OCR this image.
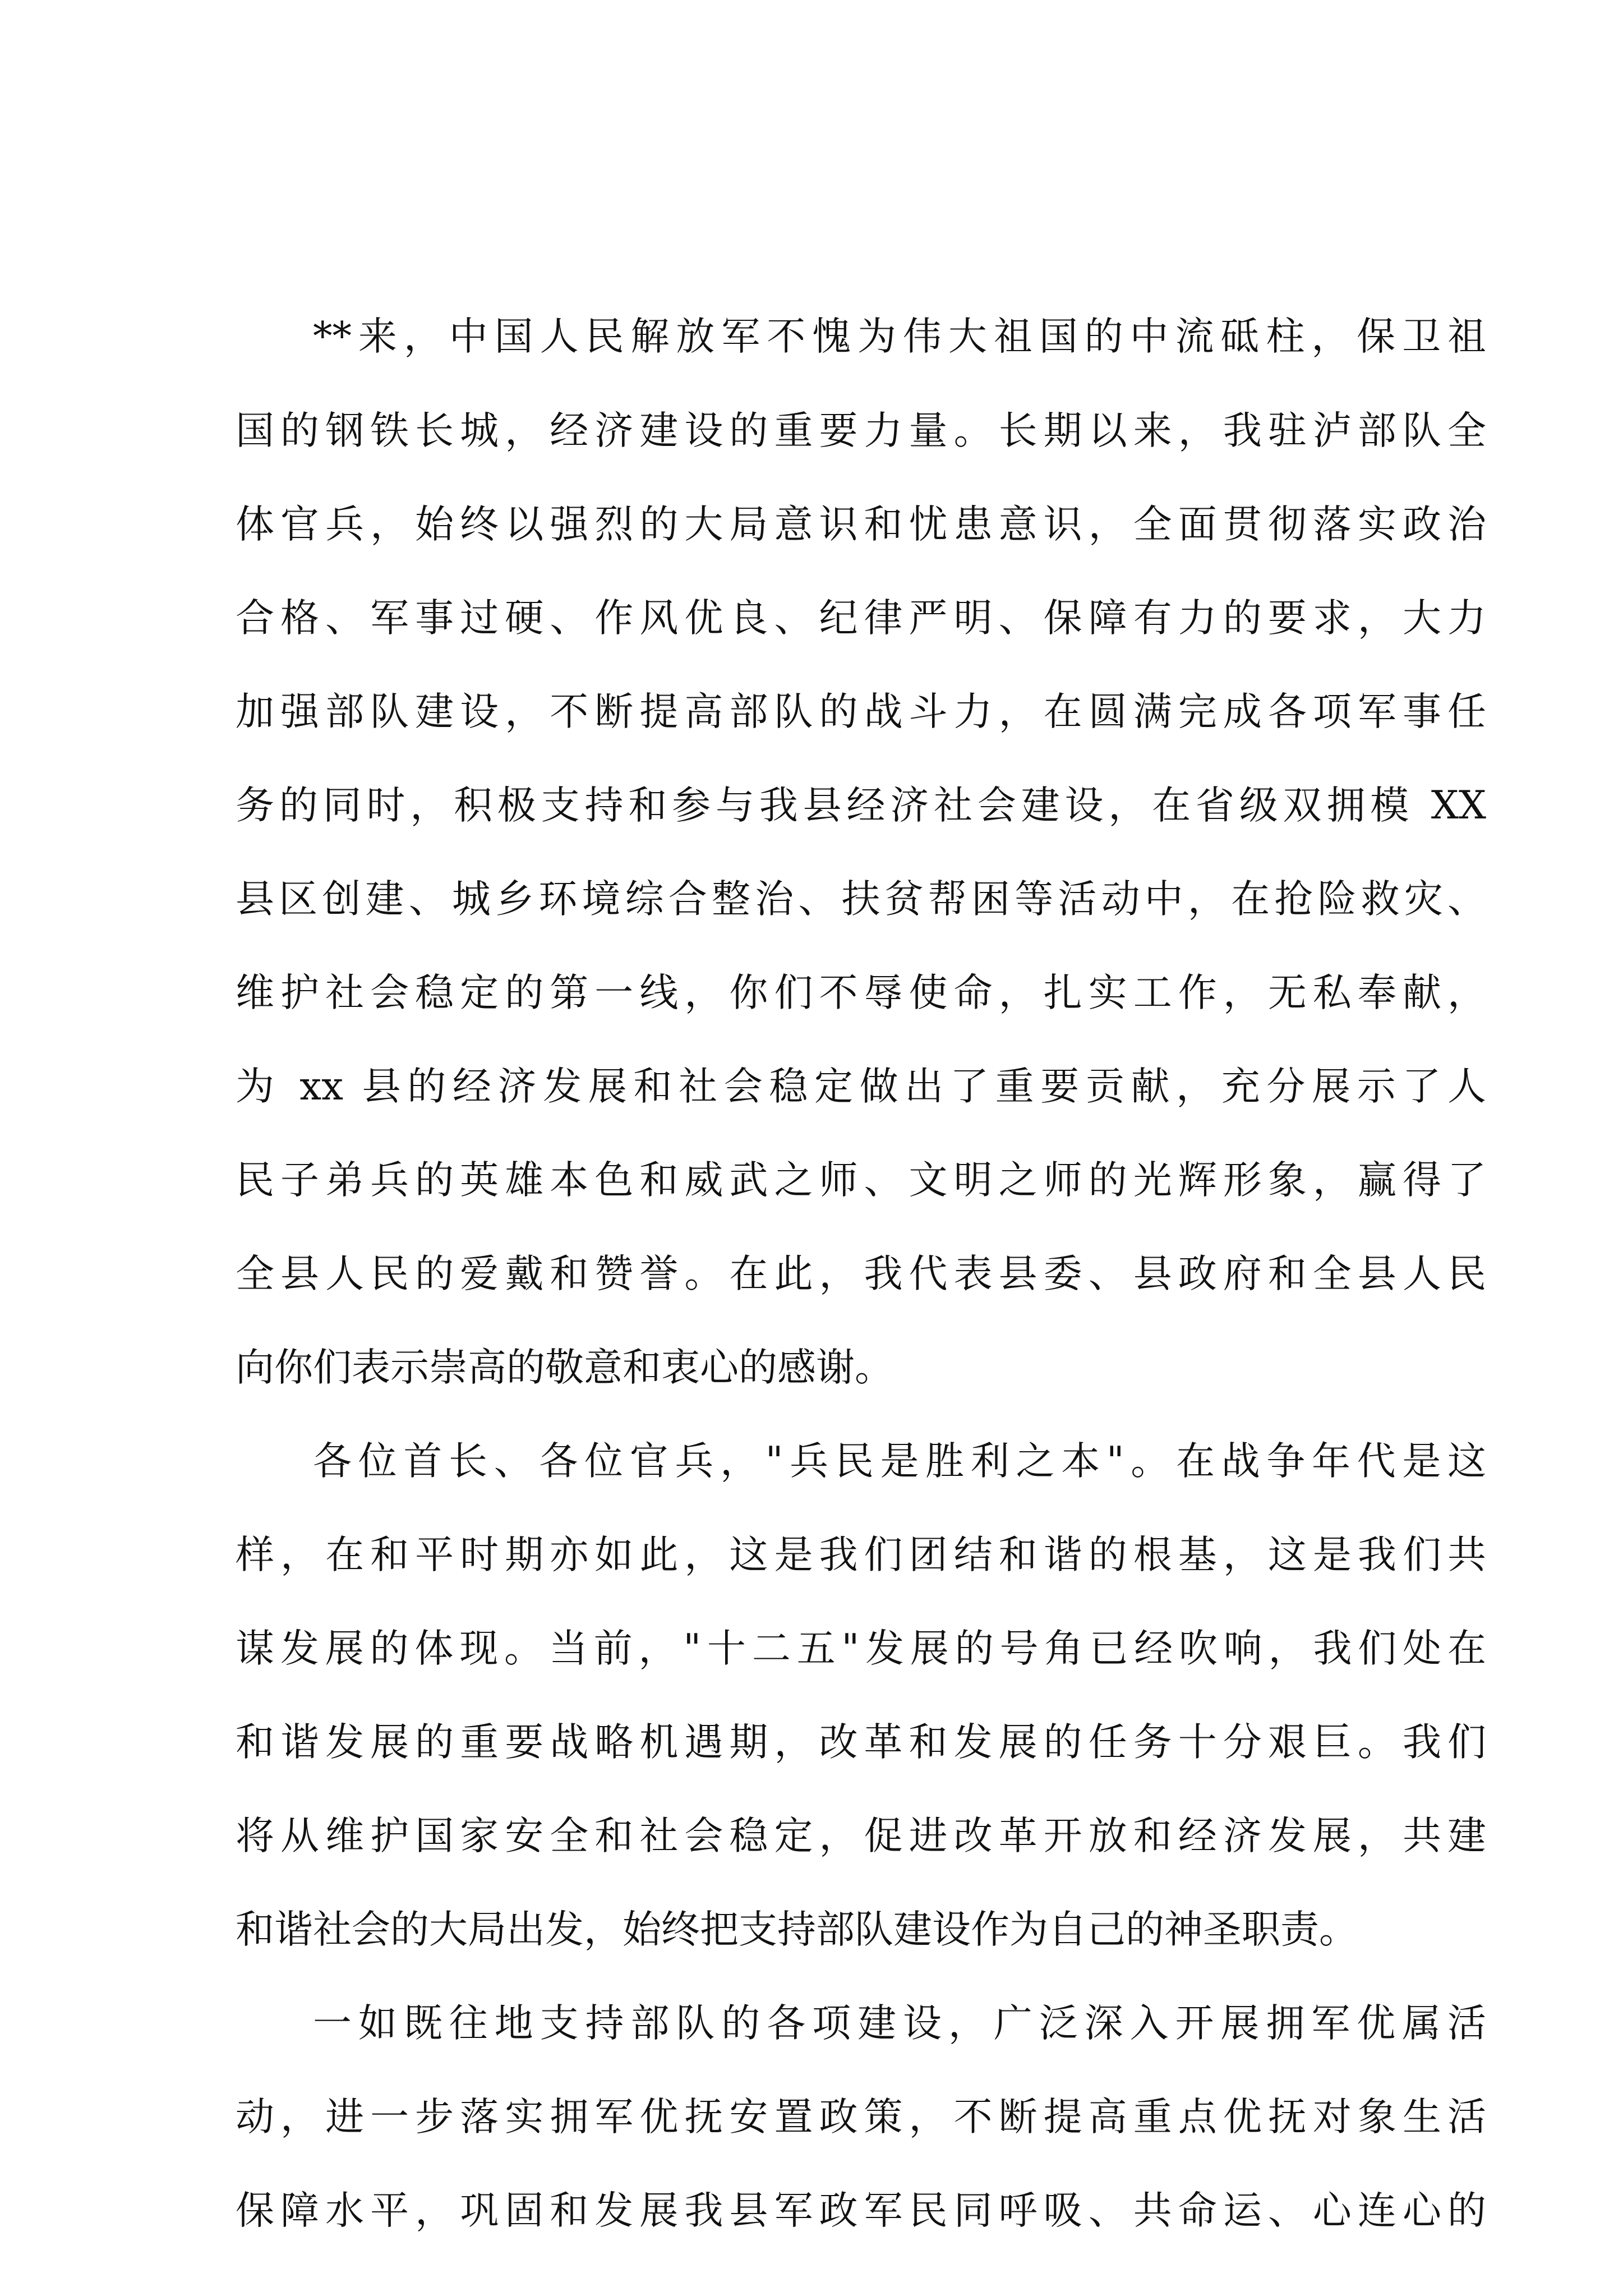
**来，中国人民解放军不愧为伟大祖国的中流砥柱，保卫祖
国的钢铁长城，经济建设的重要力量。长期以来，我驻泸部队全
体官兵，始终以强烈的大局意识和忧患意识，全面贯彻落实政治
合格、军事过硬、作风优良、纪律严明、保障有力的要求，大力
加强部队建设，不断提高部队的战斗力，在圆满完成各项军事任
务的同时，积极支持和参与我县经济社会建设，在省级双拥模 XX
县区创建、城乡环境综合整治、扶贫帮困等活动中，在抢险救灾、
维护社会稳定的第一线，你们不辱使命，扎实工作，无私奉献，
为 xx 县的经济发展和社会稳定做出了重要贡献，充分展示了人
民子弟兵的英雄本色和威武之师、文明之师的光辉形象，赢得了
全县人民的爱戴和赞誉。在此，我代表县委、县政府和全县人民
向你们表示崇高的敬意和衷心的感谢。
各位首长、各位官兵，"兵民是胜利之本"。在战争年代是这
样，在和平时期亦如此，这是我们团结和谐的根基，这是我们共
谋发展的体现。当前，"十二五"发展的号角已经吹响，我们处在
和谐发展的重要战略机遇期，改革和发展的任务十分艰巨。我们
将从维护国家安全和社会稳定，促进改革开放和经济发展，共建
和谐社会的大局出发，始终把支持部队建设作为自己的神圣职责。
一如既往地支持部队的各项建设，广泛深入开展拥军优属活
动，进一步落实拥军优抚安置政策，不断提高重点优抚对象生活
保障水平，巩固和发展我县军政军民同呼吸、共命运、心连心的
